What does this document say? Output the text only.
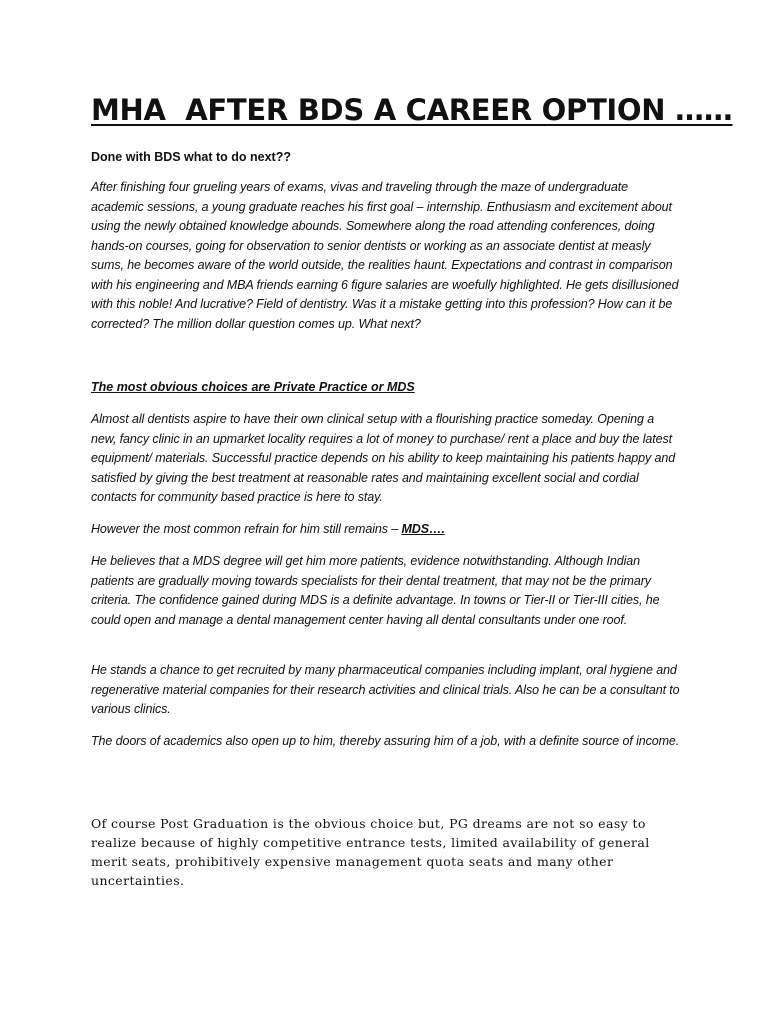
MHA  AFTER BDS A CAREER OPTION ……

Done with BDS what to do next??

After finishing four grueling years of exams, vivas and traveling through the maze of undergraduate academic sessions, a young graduate reaches his first goal – internship. Enthusiasm and excitement about using the newly obtained knowledge abounds. Somewhere along the road attending conferences, doing hands-on courses, going for observation to senior dentists or working as an associate dentist at measly sums, he becomes aware of the world outside, the realities haunt. Expectations and contrast in comparison with his engineering and MBA friends earning 6 figure salaries are woefully highlighted. He gets disillusioned with this noble! And lucrative? Field of dentistry. Was it a mistake getting into this profession? How can it be corrected? The million dollar question comes up. What next?

The most obvious choices are Private Practice or MDS

Almost all dentists aspire to have their own clinical setup with a flourishing practice someday. Opening a new, fancy clinic in an upmarket locality requires a lot of money to purchase/ rent a place and buy the latest equipment/ materials. Successful practice depends on his ability to keep maintaining his patients happy and satisfied by giving the best treatment at reasonable rates and maintaining excellent social and cordial contacts for community based practice is here to stay.

However the most common refrain for him still remains – MDS….

He believes that a MDS degree will get him more patients, evidence notwithstanding. Although Indian patients are gradually moving towards specialists for their dental treatment, that may not be the primary criteria. The confidence gained during MDS is a definite advantage. In towns or Tier-II or Tier-III cities, he could open and manage a dental management center having all dental consultants under one roof.

He stands a chance to get recruited by many pharmaceutical companies including implant, oral hygiene and regenerative material companies for their research activities and clinical trials. Also he can be a consultant to various clinics.

The doors of academics also open up to him, thereby assuring him of a job, with a definite source of income.

Of course Post Graduation is the obvious choice but, PG dreams are not so easy to realize because of highly competitive entrance tests, limited availability of general merit seats, prohibitively expensive management quota seats and many other uncertainties.
